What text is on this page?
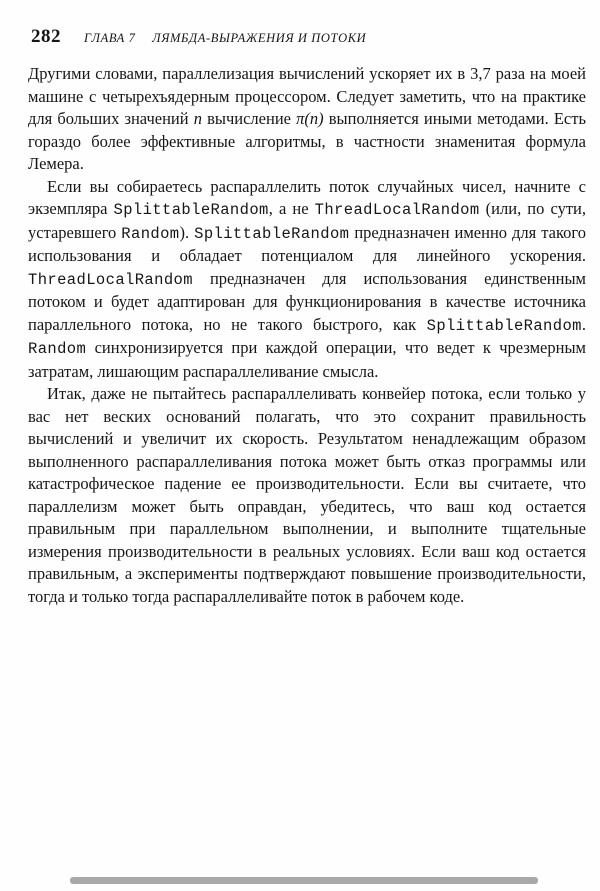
282 ГЛАВА 7 ЛЯМБДА-ВЫРАЖЕНИЯ И ПОТОКИ

Другими словами, параллелизация вычислений ускоряет их в 3,7 раза на моей машине с четырехъядерным процессором. Следует заметить, что на практике для больших значений n вычисление π(n) выполняется иными методами. Есть гораздо более эффективные алгоритмы, в частности знаменитая формула Лемера.

Если вы собираетесь распараллелить поток случайных чисел, начните с экземпляра SplittableRandom, а не ThreadLocalRandom (или, по сути, устаревшего Random). SplittableRandom предназначен именно для такого использования и обладает потенциалом для линейного ускорения. ThreadLocalRandom предназначен для использования единственным потоком и будет адаптирован для функционирования в качестве источника параллельного потока, но не такого быстрого, как SplittableRandom. Random синхронизируется при каждой операции, что ведет к чрезмерным затратам, лишающим распараллеливание смысла.

Итак, даже не пытайтесь распараллеливать конвейер потока, если только у вас нет веских оснований полагать, что это сохранит правильность вычислений и увеличит их скорость. Результатом ненадлежащим образом выполненного распараллеливания потока может быть отказ программы или катастрофическое падение ее производительности. Если вы считаете, что параллелизм может быть оправдан, убедитесь, что ваш код остается правильным при параллельном выполнении, и выполните тщательные измерения производительности в реальных условиях. Если ваш код остается правильным, а эксперименты подтверждают повышение производительности, тогда и только тогда распараллеливайте поток в рабочем коде.
